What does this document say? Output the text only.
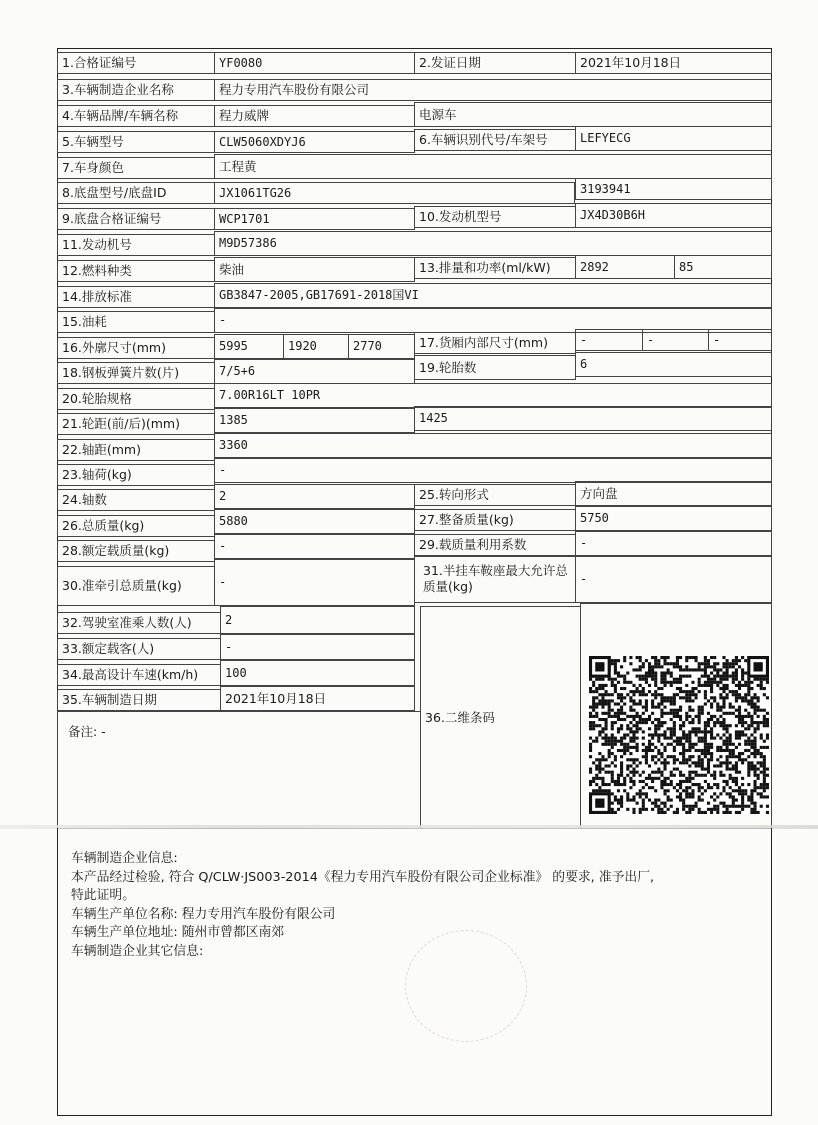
1.合格证编号	YF0080	2.发证日期	2021年10月18日
3.车辆制造企业名称	程力专用汽车股份有限公司
4.车辆品牌/车辆名称	程力威牌	电源车
5.车辆型号	CLW5060XDYJ6	6.车辆识别代号/车架号	LEFYECG
7.车身颜色	工程黄
8.底盘型号/底盘ID	JX1061TG26	3193941
9.底盘合格证编号	WCP1701	10.发动机型号	JX4D30B6H
11.发动机号	M9D57386
12.燃料种类	柴油	13.排量和功率(ml/kW)	2892	85
14.排放标准	GB3847-2005,GB17691-2018国VI
15.油耗	-
16.外廓尺寸(mm)	5995	1920	2770	17.货厢内部尺寸(mm)	-	-	-
18.钢板弹簧片数(片)	7/5+6	19.轮胎数	6
20.轮胎规格	7.00R16LT 10PR
21.轮距(前/后)(mm)	1385	1425
22.轴距(mm)	3360
23.轴荷(kg)	-
24.轴数	2	25.转向形式	方向盘
26.总质量(kg)	5880	27.整备质量(kg)	5750
28.额定载质量(kg)	-	29.载质量利用系数	-
30.准牵引总质量(kg)	-
31.半挂车鞍座最大允许总质量(kg)	-
32.驾驶室准乘人数(人)	2
33.额定载客(人)	-
34.最高设计车速(km/h)	100
35.车辆制造日期	2021年10月18日
备注: -
36.二维条码
车辆制造企业信息:
本产品经过检验, 符合 Q/CLW·JS003-2014《程力专用汽车股份有限公司企业标准》 的要求, 准予出厂,
特此证明。
车辆生产单位名称: 程力专用汽车股份有限公司
车辆生产单位地址: 随州市曾都区南郊
车辆制造企业其它信息:
